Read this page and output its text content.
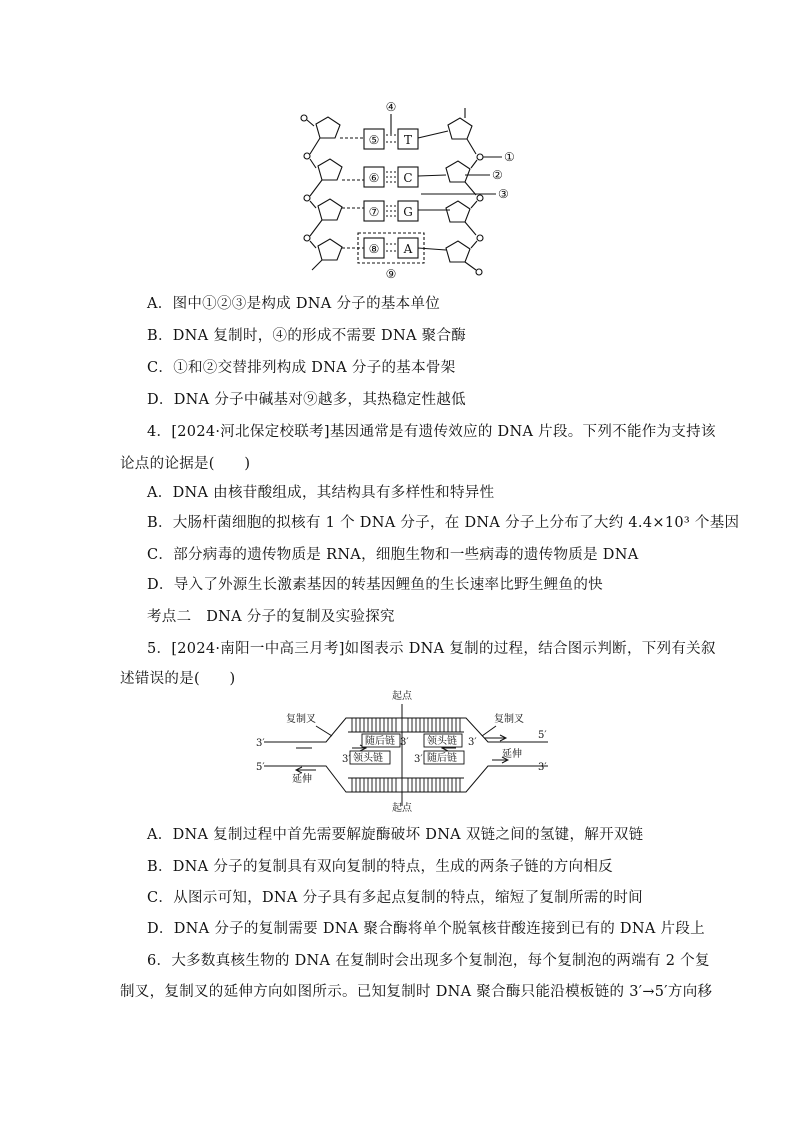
④
①
②
③
⑨
⑤
⑥
⑦
⑧
T
C
G
A
A．图中①②③是构成 DNA 分子的基本单位
B．DNA 复制时，④的形成不需要 DNA 聚合酶
C．①和②交替排列构成 DNA 分子的基本骨架
D．DNA 分子中碱基对⑨越多，其热稳定性越低
4．[2024·河北保定校联考]基因通常是有遗传效应的 DNA 片段。下列不能作为支持该
论点的论据是(　　)
A．DNA 由核苷酸组成，其结构具有多样性和特异性
B．大肠杆菌细胞的拟核有 1 个 DNA 分子，在 DNA 分子上分布了大约 4.4×10³ 个基因
C．部分病毒的遗传物质是 RNA，细胞生物和一些病毒的遗传物质是 DNA
D．导入了外源生长激素基因的转基因鲤鱼的生长速率比野生鲤鱼的快
考点二　DNA 分子的复制及实验探究
5．[2024·南阳一中高三月考]如图表示 DNA 复制的过程，结合图示判断，下列有关叙
述错误的是(　　)
起点
起点
复制叉	复制叉
随后链	领头链
领头链	随后链
延伸
延伸
3′
5′
5′	3′
3′	3′
3′	3′
A．DNA 复制过程中首先需要解旋酶破坏 DNA 双链之间的氢键，解开双链
B．DNA 分子的复制具有双向复制的特点，生成的两条子链的方向相反
C．从图示可知，DNA 分子具有多起点复制的特点，缩短了复制所需的时间
D．DNA 分子的复制需要 DNA 聚合酶将单个脱氧核苷酸连接到已有的 DNA 片段上
6．大多数真核生物的 DNA 在复制时会出现多个复制泡，每个复制泡的两端有 2 个复
制叉，复制叉的延伸方向如图所示。已知复制时 DNA 聚合酶只能沿模板链的 3′→5′方向移
